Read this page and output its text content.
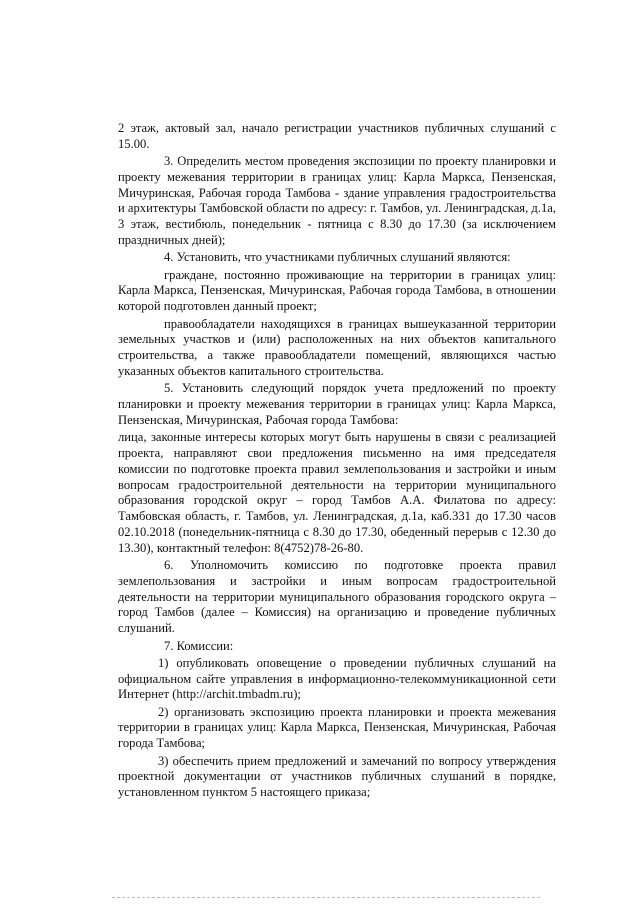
2 этаж, актовый зал, начало регистрации участников публичных слушаний с 15.00.

3. Определить местом проведения экспозиции по проекту планировки и проекту межевания территории в границах улиц: Карла Маркса, Пензенская, Мичуринская, Рабочая города Тамбова - здание управления градостроительства и архитектуры Тамбовской области по адресу: г. Тамбов, ул. Ленинградская, д.1а, 3 этаж, вестибюль, понедельник - пятница с 8.30 до 17.30 (за исключением праздничных дней);

4. Установить, что участниками публичных слушаний являются:

граждане, постоянно проживающие на территории в границах улиц: Карла Маркса, Пензенская, Мичуринская, Рабочая города Тамбова, в отношении которой подготовлен данный проект;

правообладатели находящихся в границах вышеуказанной территории земельных участков и (или) расположенных на них объектов капитального строительства, а также правообладатели помещений, являющихся частью указанных объектов капитального строительства.

5. Установить следующий порядок учета предложений по проекту планировки и проекту межевания территории в границах улиц: Карла Маркса, Пензенская, Мичуринская, Рабочая города Тамбова:

лица, законные интересы которых могут быть нарушены в связи с реализацией проекта, направляют свои предложения письменно на имя председателя комиссии по подготовке проекта правил землепользования и застройки и иным вопросам градостроительной деятельности на территории муниципального образования городской округ – город Тамбов А.А. Филатова по адресу: Тамбовская область, г. Тамбов, ул. Ленинградская, д.1а, каб.331 до 17.30 часов 02.10.2018 (понедельник-пятница с 8.30 до 17.30, обеденный перерыв с 12.30 до 13.30), контактный телефон: 8(4752)78-26-80.

6. Уполномочить комиссию по подготовке проекта правил землепользования и застройки и иным вопросам градостроительной деятельности на территории муниципального образования городского округа – город Тамбов (далее – Комиссия) на организацию и проведение публичных слушаний.

7. Комиссии:

1) опубликовать оповещение о проведении публичных слушаний на официальном сайте управления в информационно-телекоммуникационной сети Интернет (http://archit.tmbadm.ru);

2) организовать экспозицию проекта планировки и проекта межевания территории в границах улиц: Карла Маркса, Пензенская, Мичуринская, Рабочая города Тамбова;

3) обеспечить прием предложений и замечаний по вопросу утверждения проектной документации от участников публичных слушаний в порядке, установленном пунктом 5 настоящего приказа;
